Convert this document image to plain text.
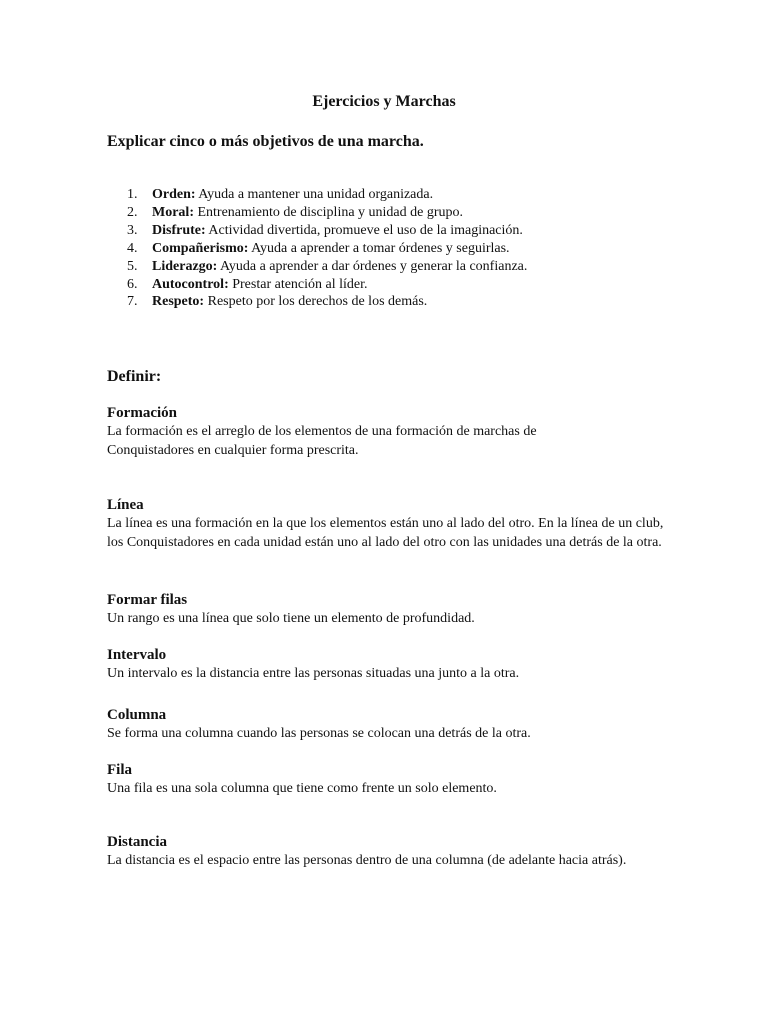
Ejercicios y Marchas
Explicar cinco o más objetivos de una marcha.
1. Orden: Ayuda a mantener una unidad organizada.
2. Moral: Entrenamiento de disciplina y unidad de grupo.
3. Disfrute: Actividad divertida, promueve el uso de la imaginación.
4. Compañerismo: Ayuda a aprender a tomar órdenes y seguirlas.
5. Liderazgo: Ayuda a aprender a dar órdenes y generar la confianza.
6. Autocontrol: Prestar atención al líder.
7. Respeto: Respeto por los derechos de los demás.
Definir:
Formación
La formación es el arreglo de los elementos de una formación de marchas de Conquistadores en cualquier forma prescrita.
Línea
La línea es una formación en la que los elementos están uno al lado del otro. En la línea de un club, los Conquistadores en cada unidad están uno al lado del otro con las unidades una detrás de la otra.
Formar filas
Un rango es una línea que solo tiene un elemento de profundidad.
Intervalo
Un intervalo es la distancia entre las personas situadas una junto a la otra.
Columna
Se forma una columna cuando las personas se colocan una detrás de la otra.
Fila
Una fila es una sola columna que tiene como frente un solo elemento.
Distancia
La distancia es el espacio entre las personas dentro de una columna (de adelante hacia atrás).
